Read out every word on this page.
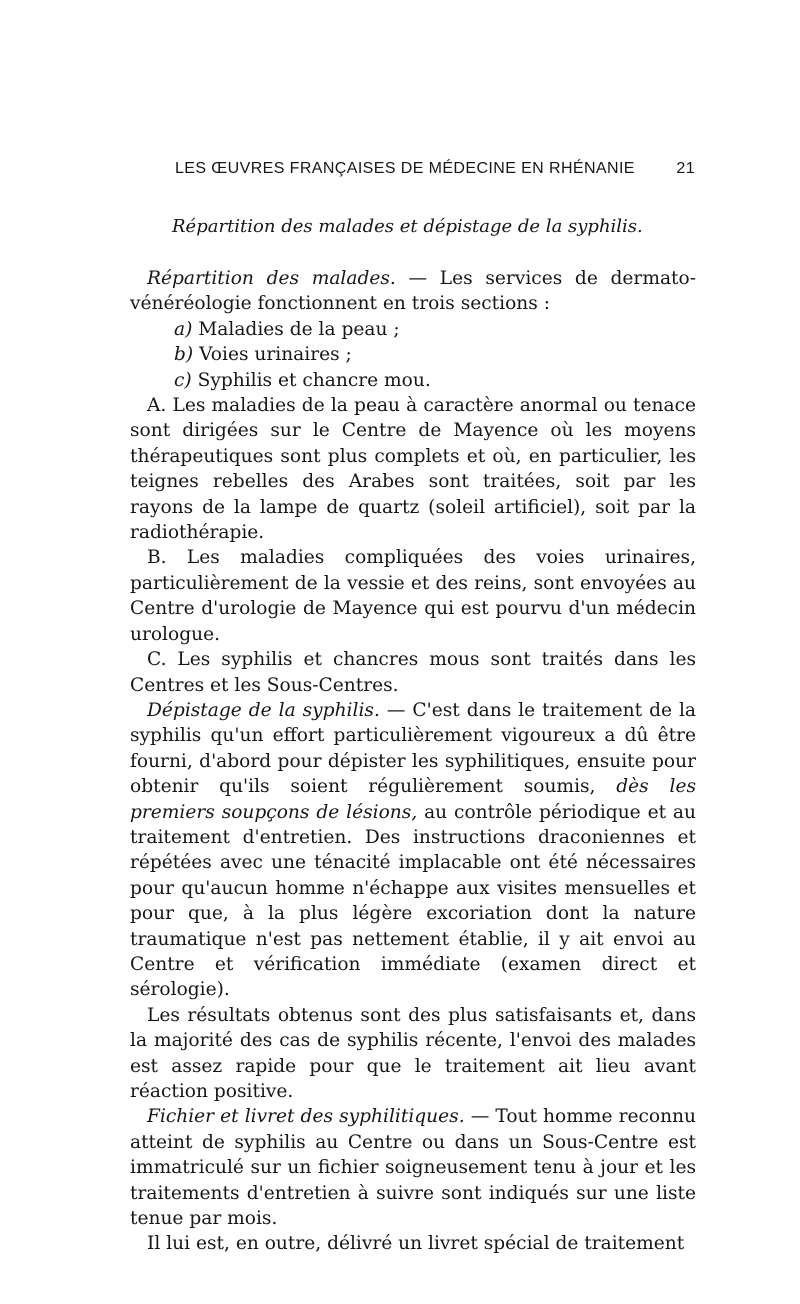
LES ŒUVRES FRANÇAISES DE MÉDECINE EN RHÉNANIE	21
Répartition des malades et dépistage de la syphilis.

Répartition des malades. — Les services de dermato-vénéréologie fonctionnent en trois sections :

a) Maladies de la peau ;
b) Voies urinaires ;
c) Syphilis et chancre mou.

A. Les maladies de la peau à caractère anormal ou tenace sont dirigées sur le Centre de Mayence où les moyens thérapeutiques sont plus complets et où, en particulier, les teignes rebelles des Arabes sont traitées, soit par les rayons de la lampe de quartz (soleil artificiel), soit par la radiothérapie.

B. Les maladies compliquées des voies urinaires, particulièrement de la vessie et des reins, sont envoyées au Centre d'urologie de Mayence qui est pourvu d'un médecin urologue.

C. Les syphilis et chancres mous sont traités dans les Centres et les Sous-Centres.

Dépistage de la syphilis. — C'est dans le traitement de la syphilis qu'un effort particulièrement vigoureux a dû être fourni, d'abord pour dépister les syphilitiques, ensuite pour obtenir qu'ils soient régulièrement soumis, dès les premiers soupçons de lésions, au contrôle périodique et au traitement d'entretien. Des instructions draconiennes et répétées avec une ténacité implacable ont été nécessaires pour qu'aucun homme n'échappe aux visites mensuelles et pour que, à la plus légère excoriation dont la nature traumatique n'est pas nettement établie, il y ait envoi au Centre et vérification immédiate (examen direct et sérologie).

Les résultats obtenus sont des plus satisfaisants et, dans la majorité des cas de syphilis récente, l'envoi des malades est assez rapide pour que le traitement ait lieu avant réaction positive.

Fichier et livret des syphilitiques. — Tout homme reconnu atteint de syphilis au Centre ou dans un Sous-Centre est immatriculé sur un fichier soigneusement tenu à jour et les traitements d'entretien à suivre sont indiqués sur une liste tenue par mois.

Il lui est, en outre, délivré un livret spécial de traitement
